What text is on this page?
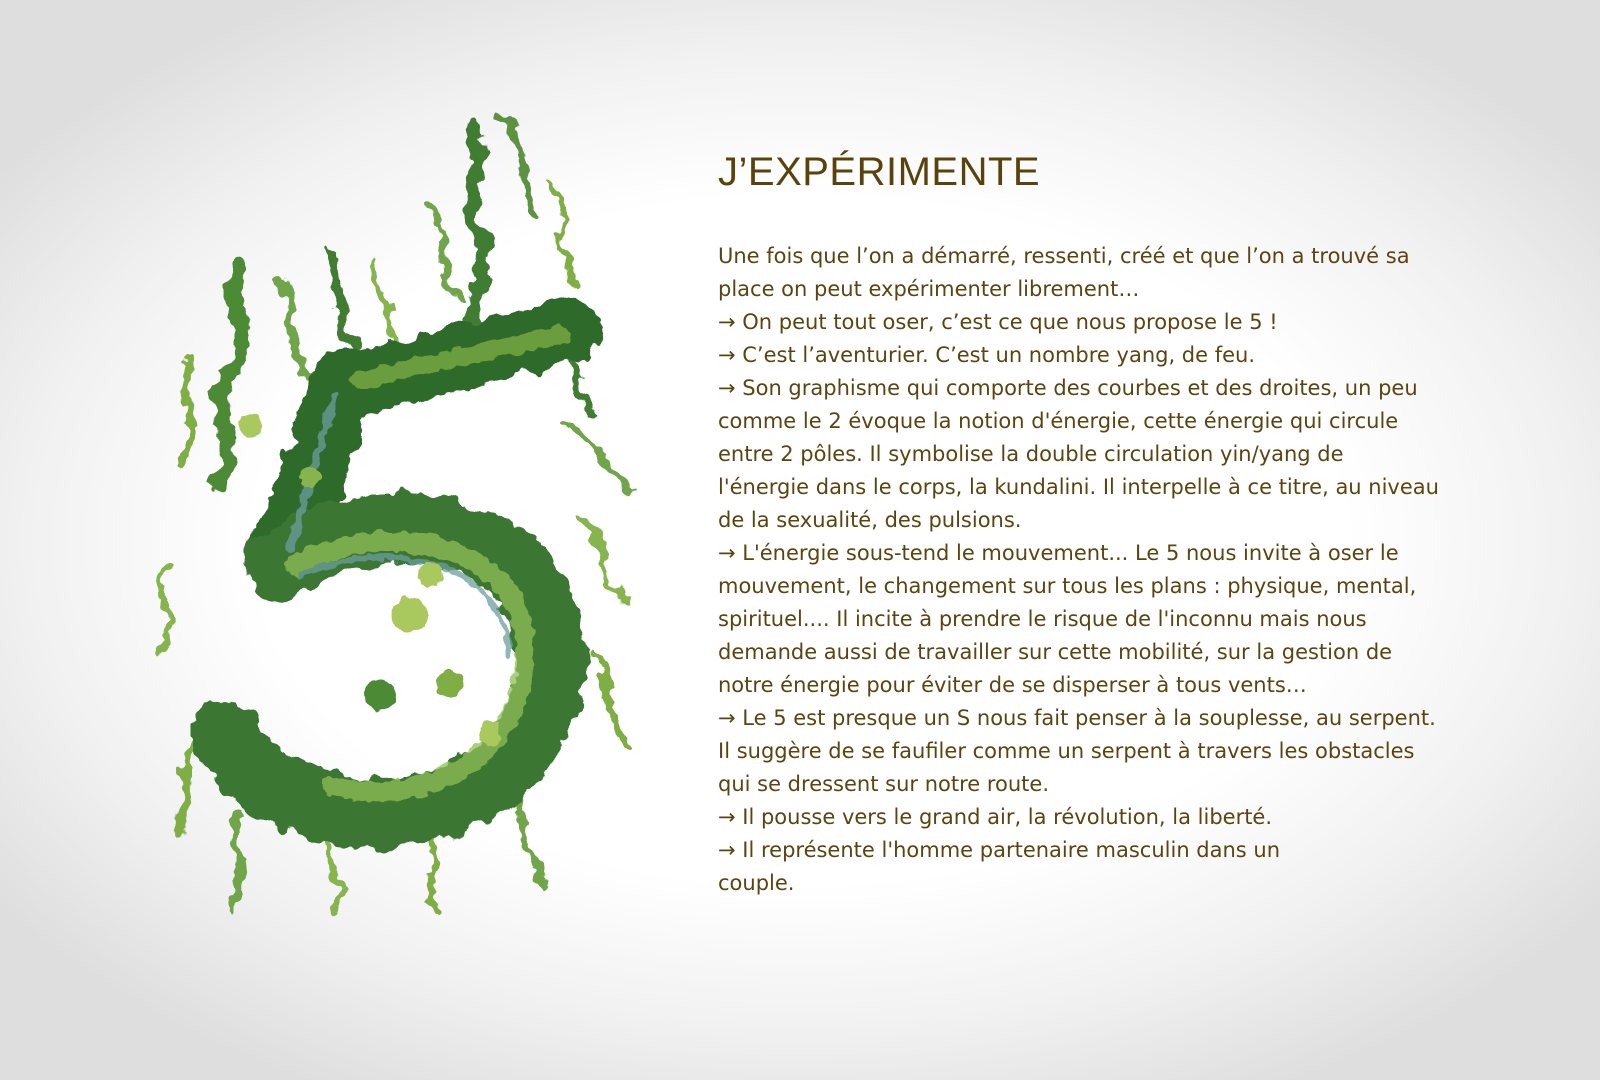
J’EXPÉRIMENTE
Une fois que l’on a démarré, ressenti, créé et que l’on a trouvé sa
place on peut expérimenter librement…
→ On peut tout oser, c’est ce que nous propose le 5 !
→ C’est l’aventurier. C’est un nombre yang, de feu.
→ Son graphisme qui comporte des courbes et des droites, un peu
comme le 2 évoque la notion d'énergie, cette énergie qui circule
entre 2 pôles. Il symbolise la double circulation yin/yang de
l'énergie dans le corps, la kundalini. Il interpelle à ce titre, au niveau
de la sexualité, des pulsions.
→ L'énergie sous-tend le mouvement... Le 5 nous invite à oser le
mouvement, le changement sur tous les plans : physique, mental,
spirituel.... Il incite à prendre le risque de l'inconnu mais nous
demande aussi de travailler sur cette mobilité, sur la gestion de
notre énergie pour éviter de se disperser à tous vents…
→ Le 5 est presque un S nous fait penser à la souplesse, au serpent.
Il suggère de se faufiler comme un serpent à travers les obstacles
qui se dressent sur notre route.
→ Il pousse vers le grand air, la révolution, la liberté.
→ Il représente l'homme partenaire masculin dans un
couple.
